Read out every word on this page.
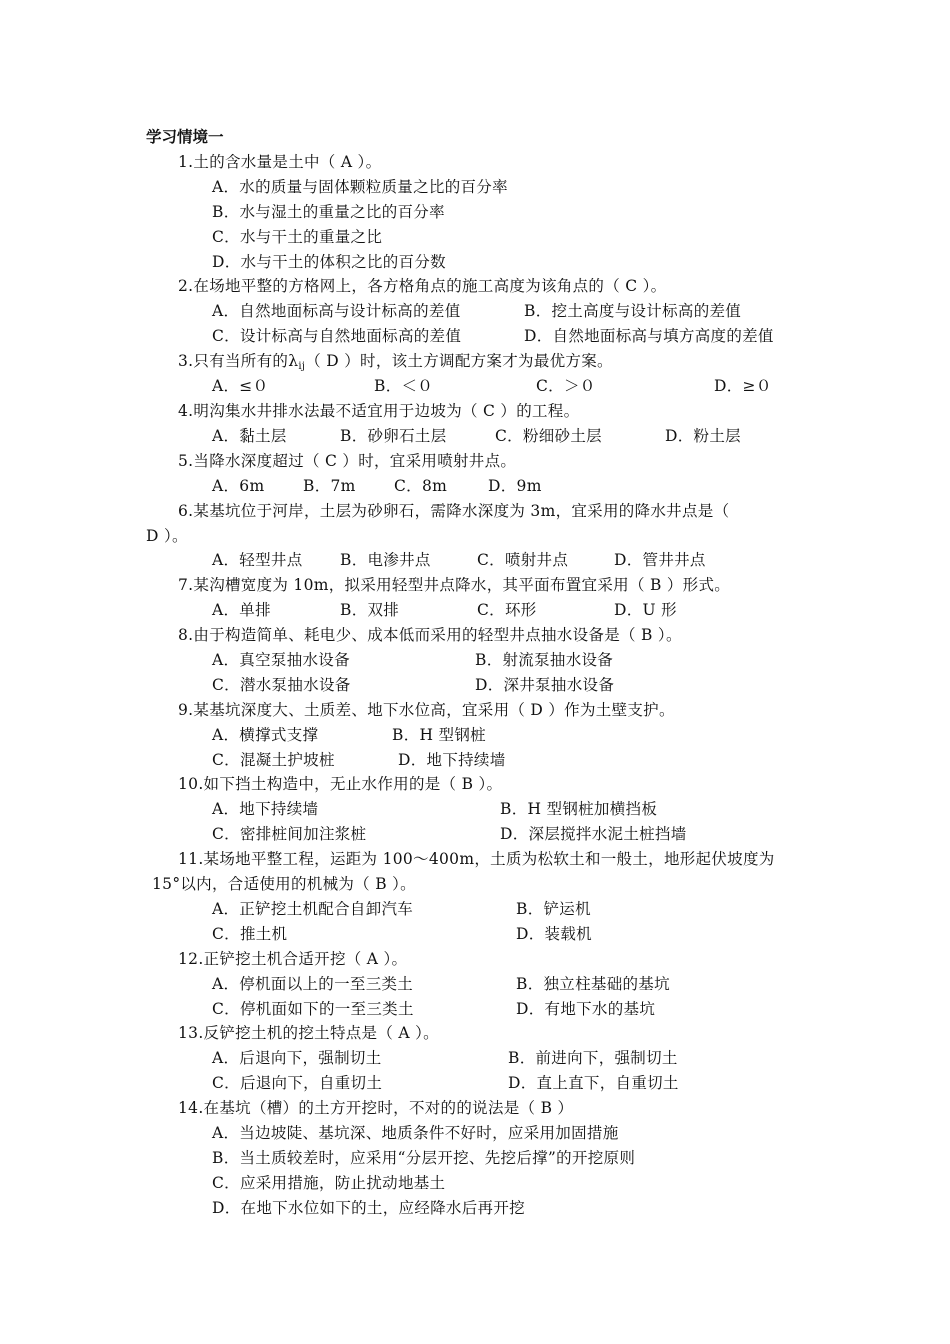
学习情境一
1.土的含水量是土中（ A ）。
A．水的质量与固体颗粒质量之比的百分率
B．水与湿土的重量之比的百分率
C．水与干土的重量之比
D．水与干土的体积之比的百分数
2.在场地平整的方格网上，各方格角点的施工高度为该角点的（ C ）。
A．自然地面标高与设计标高的差值	B．挖土高度与设计标高的差值
C．设计标高与自然地面标高的差值	D．自然地面标高与填方高度的差值
3.只有当所有的$\lambda_{ij}$（ D ）时，该土方调配方案才为最优方案。
A．≤０	B．＜０	C．＞０	D．≥０
4.明沟集水井排水法最不适宜用于边坡为（ C ）的工程。
A．黏土层	B．砂卵石土层	C．粉细砂土层	D．粉土层
5.当降水深度超过（ C ）时，宜采用喷射井点。
A．6m B．7m C．8m	D．9m
6.某基坑位于河岸，土层为砂卵石，需降水深度为 3m，宜采用的降水井点是（
D ）。
A．轻型井点 B．电渗井点	C．喷射井点	D．管井井点
7.某沟槽宽度为 10m，拟采用轻型井点降水，其平面布置宜采用（ B ）形式。
A．单排	B．双排	C．环形	D．U 形
8.由于构造简单、耗电少、成本低而采用的轻型井点抽水设备是（ B ）。
A．真空泵抽水设备	B．射流泵抽水设备
C．潜水泵抽水设备	D．深井泵抽水设备
9.某基坑深度大、土质差、地下水位高，宜采用（ D ）作为土壁支护。
A．横撑式支撑	B．H 型钢桩
C．混凝土护坡桩	D．地下持续墙
10.如下挡土构造中，无止水作用的是（ B ）。
A．地下持续墙	B．H 型钢桩加横挡板
C．密排桩间加注浆桩	D．深层搅拌水泥土桩挡墙
11.某场地平整工程，运距为 100～400m，土质为松软土和一般土，地形起伏坡度为
15°以内，合适使用的机械为（ B ）。
A．正铲挖土机配合自卸汽车	B．铲运机
C．推土机	D．装载机
12.正铲挖土机合适开挖（ A ）。
A．停机面以上的一至三类土	B．独立柱基础的基坑
C．停机面如下的一至三类土	D．有地下水的基坑
13.反铲挖土机的挖土特点是（ A ）。
A．后退向下，强制切土	B．前进向下，强制切土
C．后退向下，自重切土	D．直上直下，自重切土
14.在基坑（槽）的土方开挖时，不对的的说法是（ B ）
A．当边坡陡、基坑深、地质条件不好时，应采用加固措施
B．当土质较差时，应采用“分层开挖、先挖后撑”的开挖原则
C．应采用措施，防止扰动地基土
D．在地下水位如下的土，应经降水后再开挖
